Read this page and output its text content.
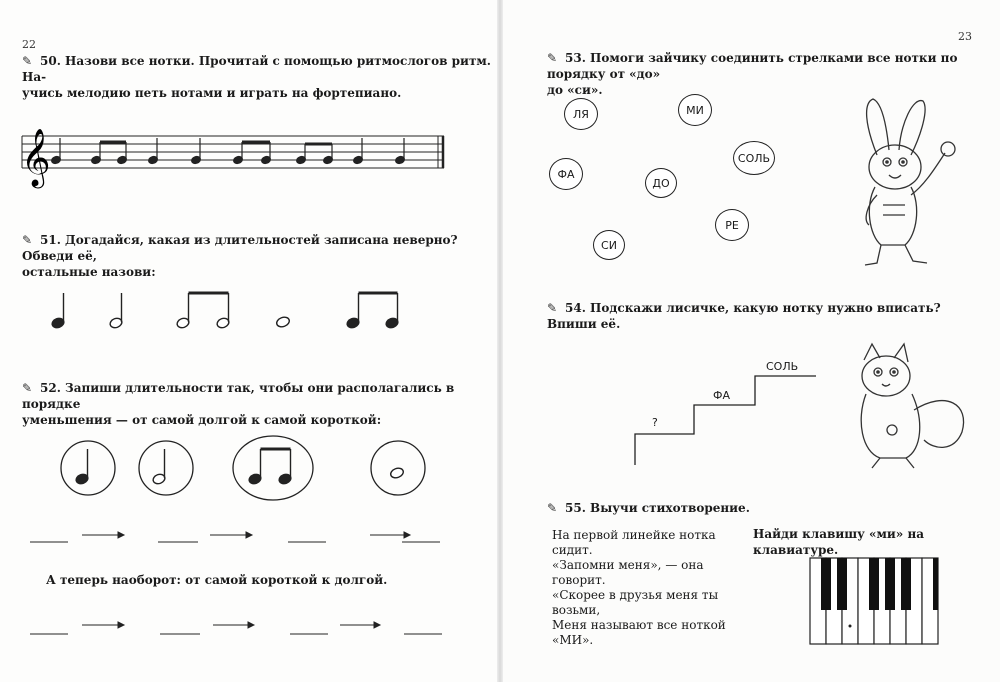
22
✎ 50. Назови все нотки. Прочитай с помощью ритмослогов ритм. На-
учись мелодию петь нотами и играть на фортепиано.
𝄞
✎ 51. Догадайся, какая из длительностей записана неверно? Обведи её,
остальные назови:
✎ 52. Запиши длительности так, чтобы они располагались в порядке
уменьшения — от самой долгой к самой короткой:
А теперь наоборот: от самой короткой к долгой.
23
✎ 53. Помоги зайчику соединить стрелками все нотки по порядку от «до»
до «си».
ЛЯ	МИ
СОЛЬ
ФА
ДО
РЕ
СИ
✎ 54. Подскажи лисичке, какую нотку нужно вписать? Впиши её.
?
ФА
СОЛЬ
✎ 55. Выучи стихотворение.
На первой линейке нотка сидит.
«Запомни меня», — она говорит.
«Скорее в друзья меня ты возьми,
Меня называют все ноткой «МИ».
Найди клавишу «ми» на клавиатуре.
